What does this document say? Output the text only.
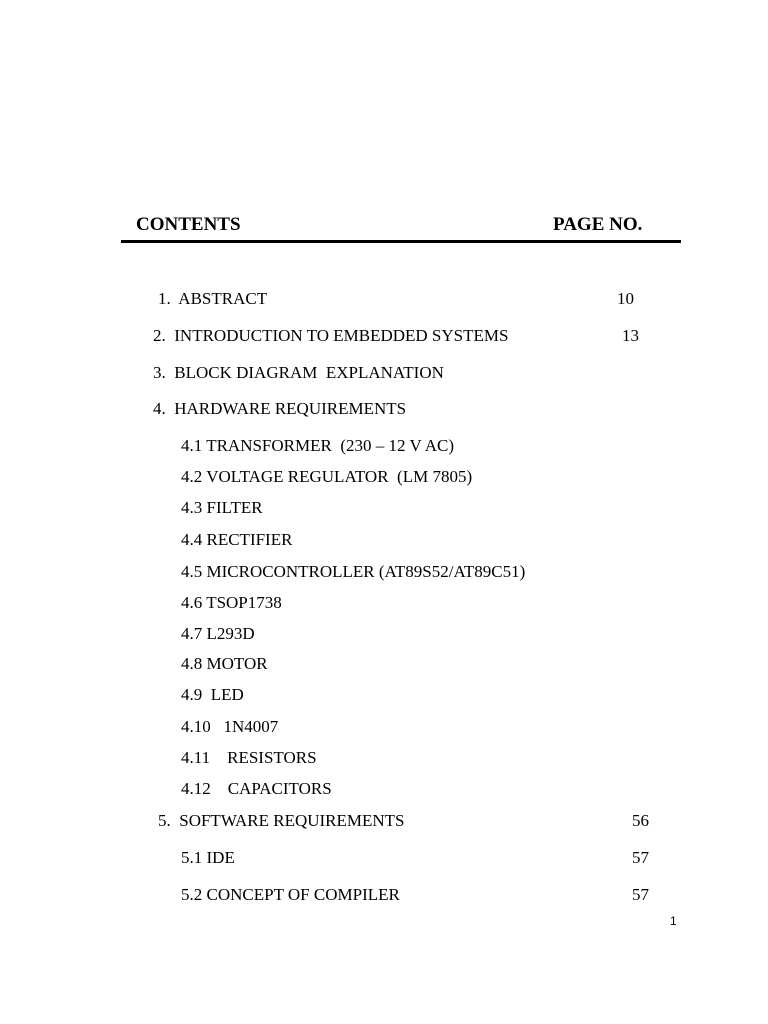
CONTENTS	PAGE NO.
1.  ABSTRACT	10
2.  INTRODUCTION TO EMBEDDED SYSTEMS	13
3.  BLOCK DIAGRAM  EXPLANATION
4.  HARDWARE REQUIREMENTS
4.1 TRANSFORMER  (230 – 12 V AC)
4.2 VOLTAGE REGULATOR  (LM 7805)
4.3 FILTER
4.4 RECTIFIER
4.5 MICROCONTROLLER (AT89S52/AT89C51)
4.6 TSOP1738
4.7 L293D
4.8 MOTOR
4.9  LED
4.10   1N4007
4.11    RESISTORS
4.12    CAPACITORS
5.  SOFTWARE REQUIREMENTS	56
5.1 IDE	57
5.2 CONCEPT OF COMPILER	57
1
